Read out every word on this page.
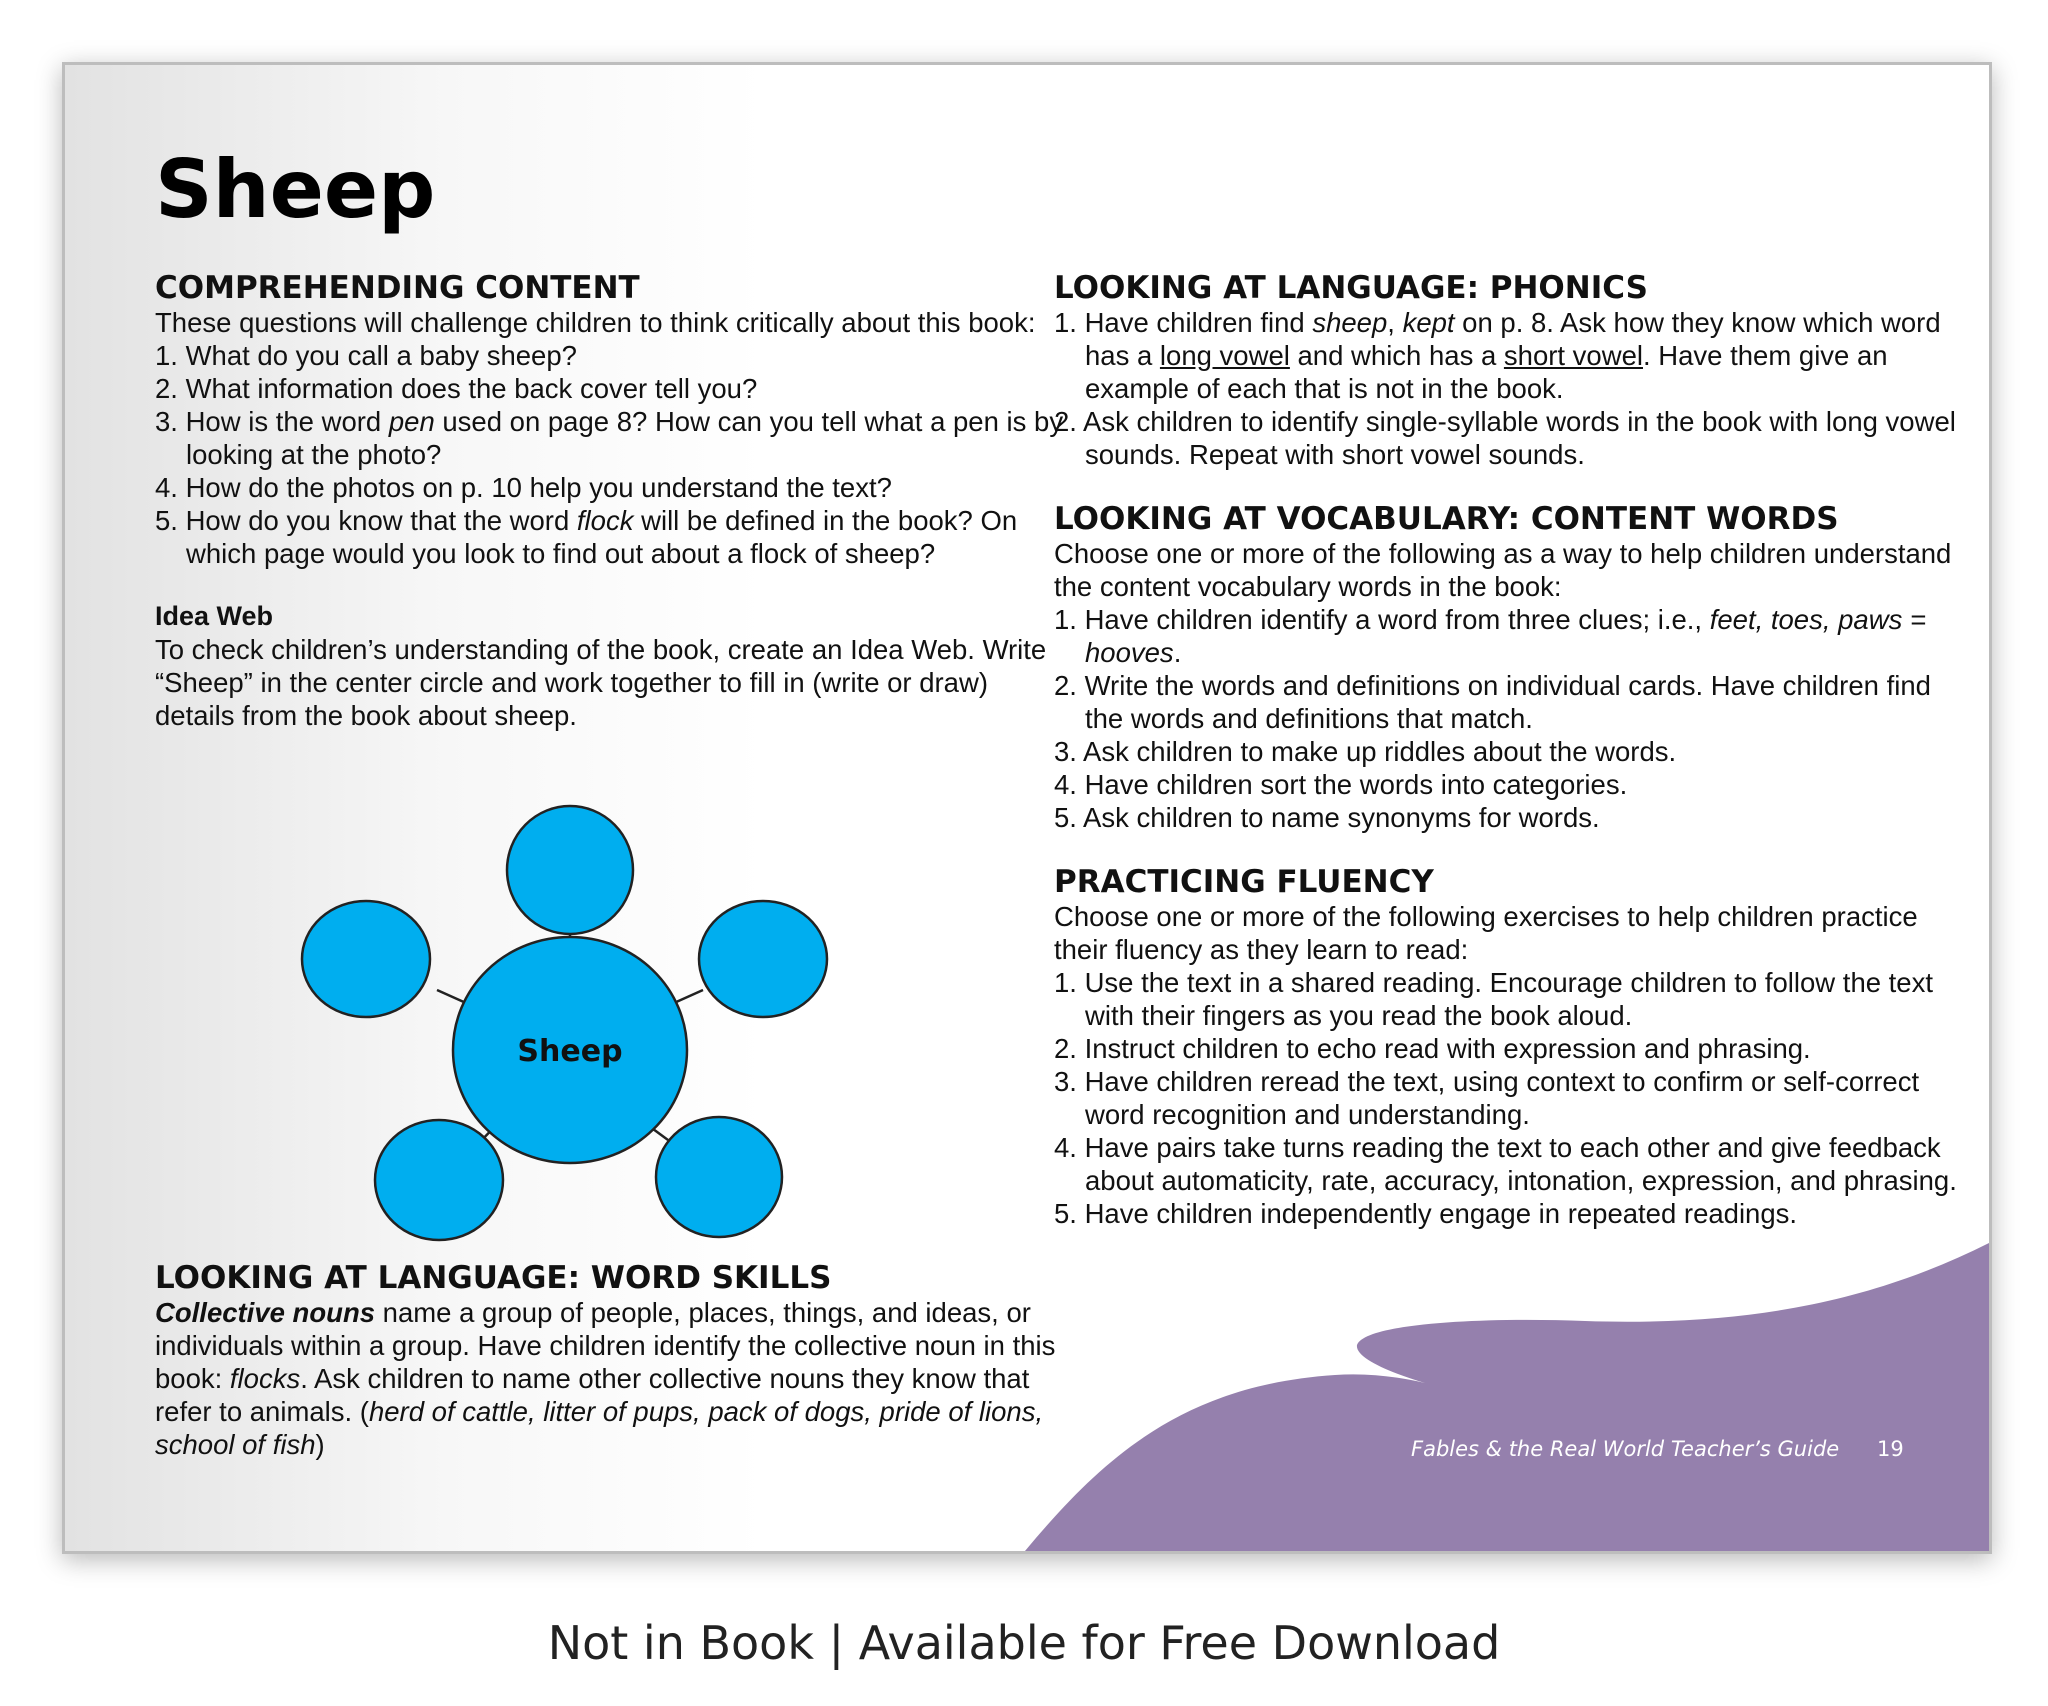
Sheep
COMPREHENDING CONTENT

These questions will challenge children to think critically about this book:

1. What do you call a baby sheep?
2. What information does the back cover tell you?
3. How is the word pen used on page 8? How can you tell what a pen is by looking at the photo?
4. How do the photos on p. 10 help you understand the text?
5. How do you know that the word flock will be defined in the book? On which page would you look to find out about a flock of sheep?
Idea Web

To check children’s understanding of the book, create an Idea Web. Write “Sheep” in the center circle and work together to fill in (write or draw) details from the book about sheep.

Sheep
LOOKING AT LANGUAGE: WORD SKILLS

Collective nouns name a group of people, places, things, and ideas, or individuals within a group. Have children identify the collective noun in this book: flocks. Ask children to name other collective nouns they know that refer to animals. (herd of cattle, litter of pups, pack of dogs, pride of lions, school of fish)

LOOKING AT LANGUAGE: PHONICS
1. Have children find sheep, kept on p. 8. Ask how they know which word has a long vowel and which has a short vowel. Have them give an example of each that is not in the book.
2. Ask children to identify single-syllable words in the book with long vowel sounds. Repeat with short vowel sounds.
LOOKING AT VOCABULARY: CONTENT WORDS

Choose one or more of the following as a way to help children understand the content vocabulary words in the book:

1. Have children identify a word from three clues; i.e., feet, toes, paws = hooves.
2. Write the words and definitions on individual cards. Have children find the words and definitions that match.
3. Ask children to make up riddles about the words.
4. Have children sort the words into categories.
5. Ask children to name synonyms for words.
PRACTICING FLUENCY

Choose one or more of the following exercises to help children practice their fluency as they learn to read:

1. Use the text in a shared reading. Encourage children to follow the text with their fingers as you read the book aloud.
2. Instruct children to echo read with expression and phrasing.
3. Have children reread the text, using context to confirm or self-correct word recognition and understanding.
4. Have pairs take turns reading the text to each other and give feedback about automaticity, rate, accuracy, intonation, expression, and phrasing.
5. Have children independently engage in repeated readings.
Fables & the Real World Teacher’s Guide 19
Not in Book | Available for Free Download
